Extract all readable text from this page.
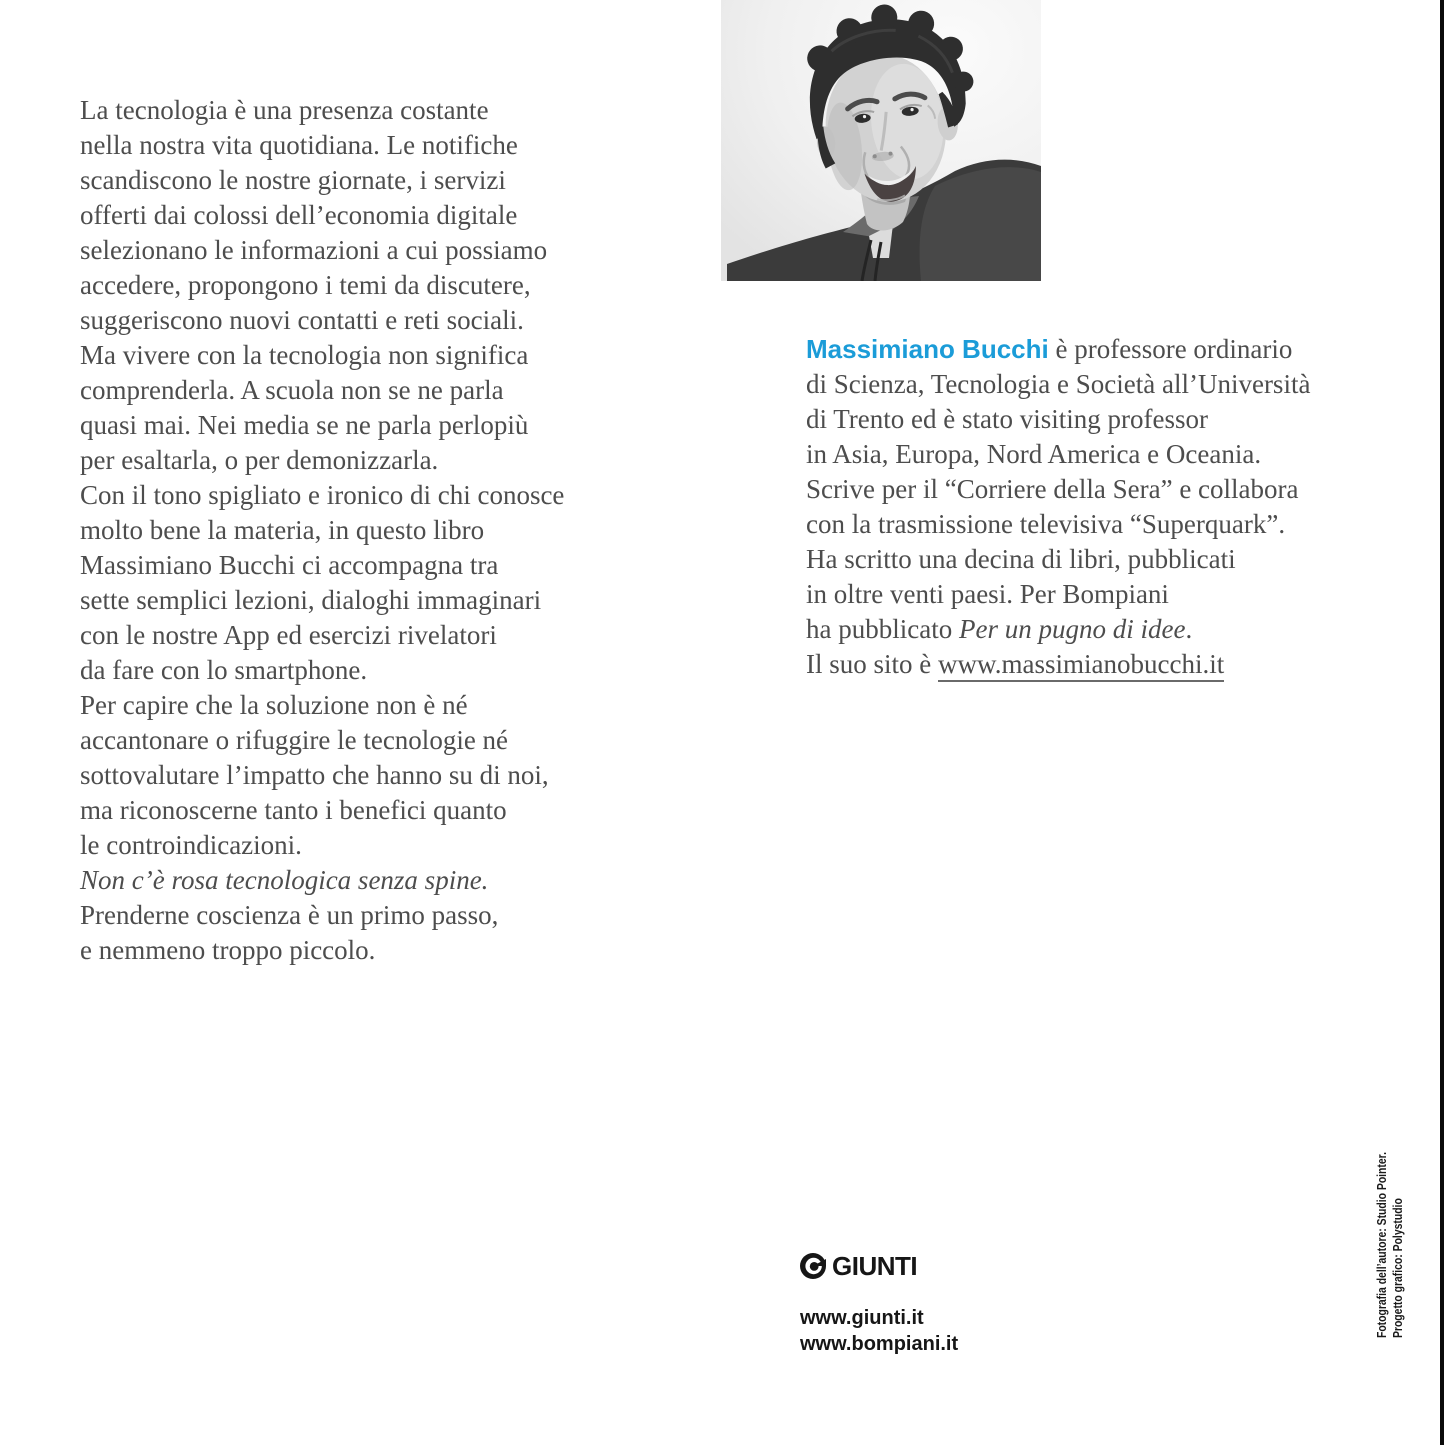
La tecnologia è una presenza costante
nella nostra vita quotidiana. Le notifiche
scandiscono le nostre giornate, i servizi
offerti dai colossi dell’economia digitale
selezionano le informazioni a cui possiamo
accedere, propongono i temi da discutere,
suggeriscono nuovi contatti e reti sociali.
Ma vivere con la tecnologia non significa
comprenderla. A scuola non se ne parla
quasi mai. Nei media se ne parla perlopiù
per esaltarla, o per demonizzarla.
Con il tono spigliato e ironico di chi conosce
molto bene la materia, in questo libro
Massimiano Bucchi ci accompagna tra
sette semplici lezioni, dialoghi immaginari
con le nostre App ed esercizi rivelatori
da fare con lo smartphone.
Per capire che la soluzione non è né
accantonare o rifuggire le tecnologie né
sottovalutare l’impatto che hanno su di noi,
ma riconoscerne tanto i benefici quanto
le controindicazioni.
Non c’è rosa tecnologica senza spine.
Prenderne coscienza è un primo passo,
e nemmeno troppo piccolo.
Massimiano Bucchi è professore ordinario
di Scienza, Tecnologia e Società all’Università
di Trento ed è stato visiting professor
in Asia, Europa, Nord America e Oceania.
Scrive per il “Corriere della Sera” e collabora
con la trasmissione televisiva “Superquark”.
Ha scritto una decina di libri, pubblicati
in oltre venti paesi. Per Bompiani
ha pubblicato Per un pugno di idee.
Il suo sito è www.massimianobucchi.it
GIUNTI
www.giunti.it
www.bompiani.it
Fotografia dell’autore: Studio Pointer. Progetto grafico: Polystudio
